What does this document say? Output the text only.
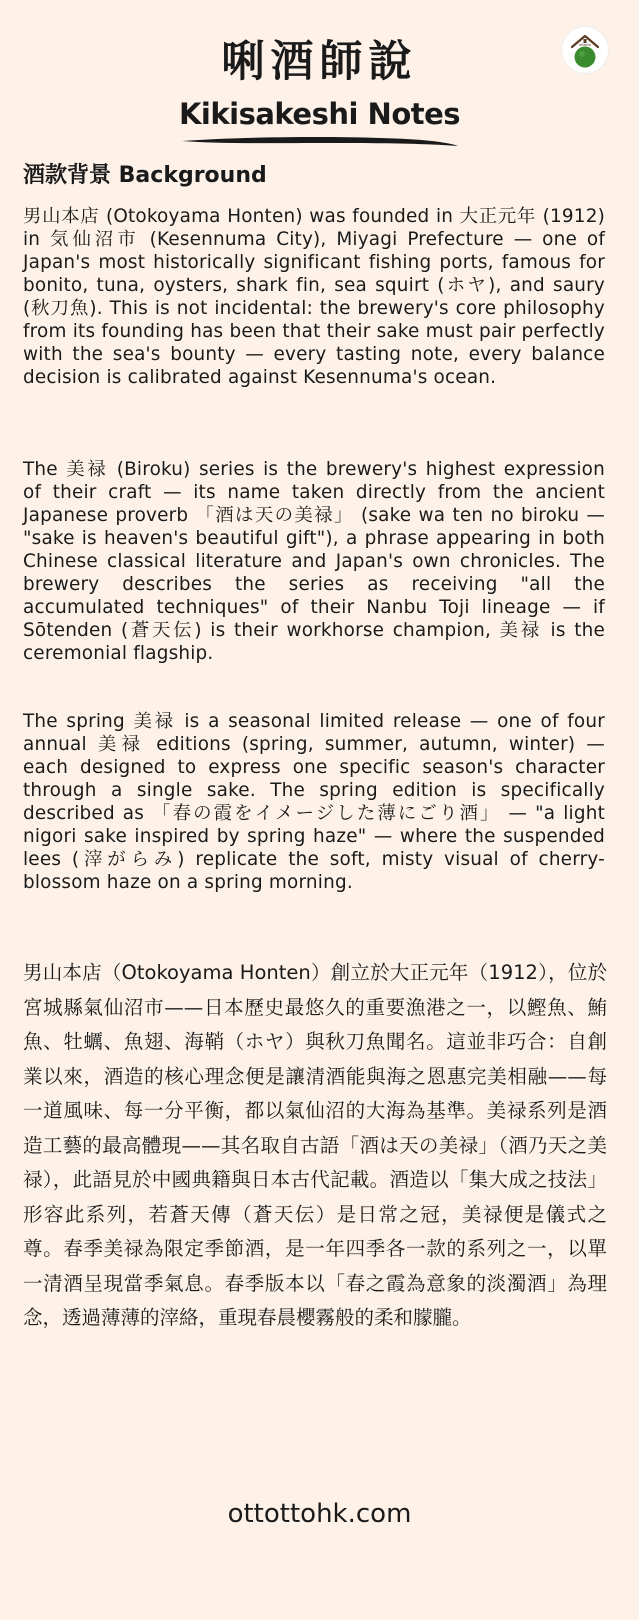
ottotto
唎酒師說
Kikisakeshi Notes
酒款背景 Background

男山本店 (Otokoyama Honten) was founded in 大正元年 (1912) in 気仙沼市 (Kesennuma City), Miyagi Prefecture — one of Japan's most historically significant fishing ports, famous for bonito, tuna, oysters, shark fin, sea squirt (ホヤ), and saury (秋刀魚). This is not incidental: the brewery's core philosophy from its founding has been that their sake must pair perfectly with the sea's bounty — every tasting note, every balance decision is calibrated against Kesennuma's ocean.

The 美禄 (Biroku) series is the brewery's highest expression of their craft — its name taken directly from the ancient Japanese proverb 「酒は天の美禄」 (sake wa ten no biroku — "sake is heaven's beautiful gift"), a phrase appearing in both Chinese classical literature and Japan's own chronicles. The brewery describes the series as receiving "all the accumulated techniques" of their Nanbu Toji lineage — if Sōtenden (蒼天伝) is their workhorse champion, 美禄 is the ceremonial flagship.

The spring 美禄 is a seasonal limited release — one of four annual 美禄 editions (spring, summer, autumn, winter) — each designed to express one specific season's character through a single sake. The spring edition is specifically described as 「春の霞をイメージした薄にごり酒」 — "a light nigori sake inspired by spring haze" — where the suspended lees (滓がらみ) replicate the soft, misty visual of cherry-blossom haze on a spring morning.

男山本店（Otokoyama Honten）創立於大正元年（1912），位於宮城縣氣仙沼市——日本歷史最悠久的重要漁港之一，以鰹魚、鮪魚、牡蠣、魚翅、海鞘（ホヤ）與秋刀魚聞名。這並非巧合：自創業以來，酒造的核心理念便是讓清酒能與海之恩惠完美相融——每一道風味、每一分平衡，都以氣仙沼的大海為基準。美禄系列是酒造工藝的最高體現——其名取自古語「酒は天の美禄」（酒乃天之美禄），此語見於中國典籍與日本古代記載。酒造以「集大成之技法」形容此系列，若蒼天傳（蒼天伝）是日常之冠，美禄便是儀式之尊。春季美禄為限定季節酒，是一年四季各一款的系列之一，以單一清酒呈現當季氣息。春季版本以「春之霞為意象的淡濁酒」為理念，透過薄薄的滓絡，重現春晨櫻霧般的柔和朦朧。

ottottohk.com
